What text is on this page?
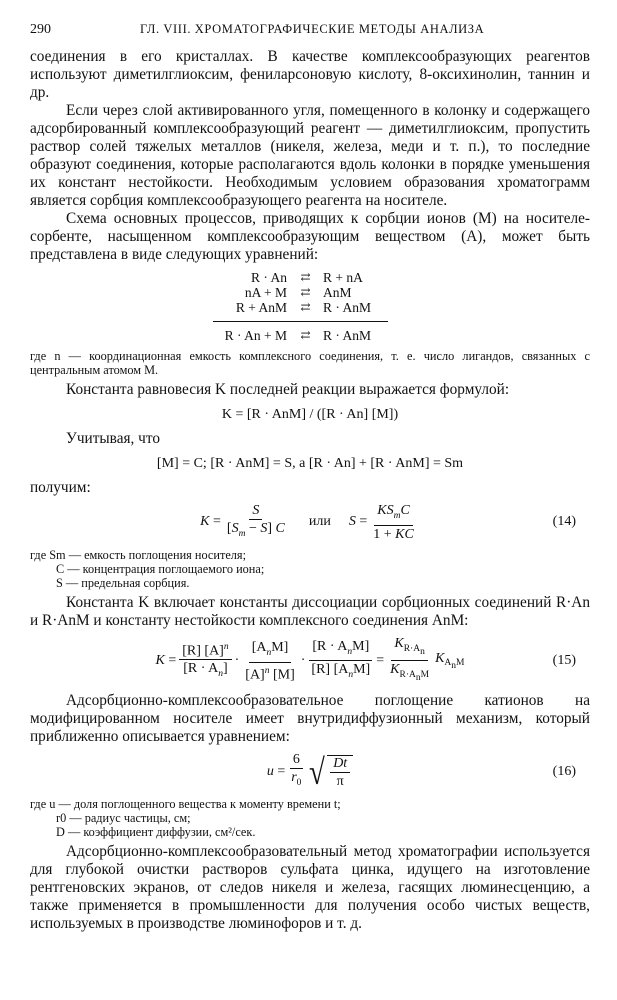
290	ГЛ. VIII. ХРОМАТОГРАФИЧЕСКИЕ МЕТОДЫ АНАЛИЗА

соединения в его кристаллах. В качестве комплексообразующих реагентов используют диметилглиоксим, фениларсоновую кислоту, 8-оксихинолин, таннин и др.

Если через слой активированного угля, помещенного в колонку и содержащего адсорбированный комплексообразующий реагент — диметилглиоксим, пропустить раствор солей тяжелых металлов (никеля, железа, меди и т. п.), то последние образуют соединения, которые располагаются вдоль колонки в порядке уменьшения их констант нестойкости. Необходимым условием образования хроматограмм является сорбция комплексообразующего реагента на носителе.

Схема основных процессов, приводящих к сорбции ионов (M) на носителе-сорбенте, насыщенном комплексообразующим веществом (A), может быть представлена в виде следующих уравнений:

R · An	⇄ R + nA
nA + M	⇄ AnM
R + AnM	⇄ R · AnM
R · An + M	⇄ R · AnM

где n — координационная емкость комплексного соединения, т. е. число лигандов, связанных с центральным атомом M.

Константа равновесия K последней реакции выражается формулой:

K = [R · AnM] / ([R · An] [M])

Учитывая, что

[M] = C; [R · AnM] = S, а [R · An] + [R · AnM] = Sm

получим:

$K = \frac{S}{[S_m - S] C}$ или $S = \frac{KS_mC}{1 + KC}$	(14)
где Sm — емкость поглощения носителя;
C — концентрация поглощаемого иона;
S — предельная сорбция.

Константа K включает константы диссоциации сорбционных соединений R·An и R·AnM и константу нестойкости комплексного соединения AnM:

$K = \frac{[R] [A]^n}{[R \cdot A_n]} \cdot \frac{[A_nM]}{[A]^n [M]} \cdot \frac{[R \cdot A_nM]}{[R] [A_nM]} = \frac{K_{R\cdot A_n}}{K_{R\cdot A_nM}} K_{A_nM}$	(15)

Адсорбционно-комплексообразовательное поглощение катионов на модифицированном носителе имеет внутридиффузионный механизм, который приближенно описывается уравнением:

$u = \frac{6}{r_0}$ √ $\frac{Dt}{\pi}$	(16)
где u — доля поглощенного вещества к моменту времени t;
r0 — радиус частицы, см;
D — коэффициент диффузии, см²/сек.

Адсорбционно-комплексообразовательный метод хроматографии используется для глубокой очистки растворов сульфата цинка, идущего на изготовление рентгеновских экранов, от следов никеля и железа, гасящих люминесценцию, а также применяется в промышленности для получения особо чистых веществ, используемых в производстве люминофоров и т. д.
